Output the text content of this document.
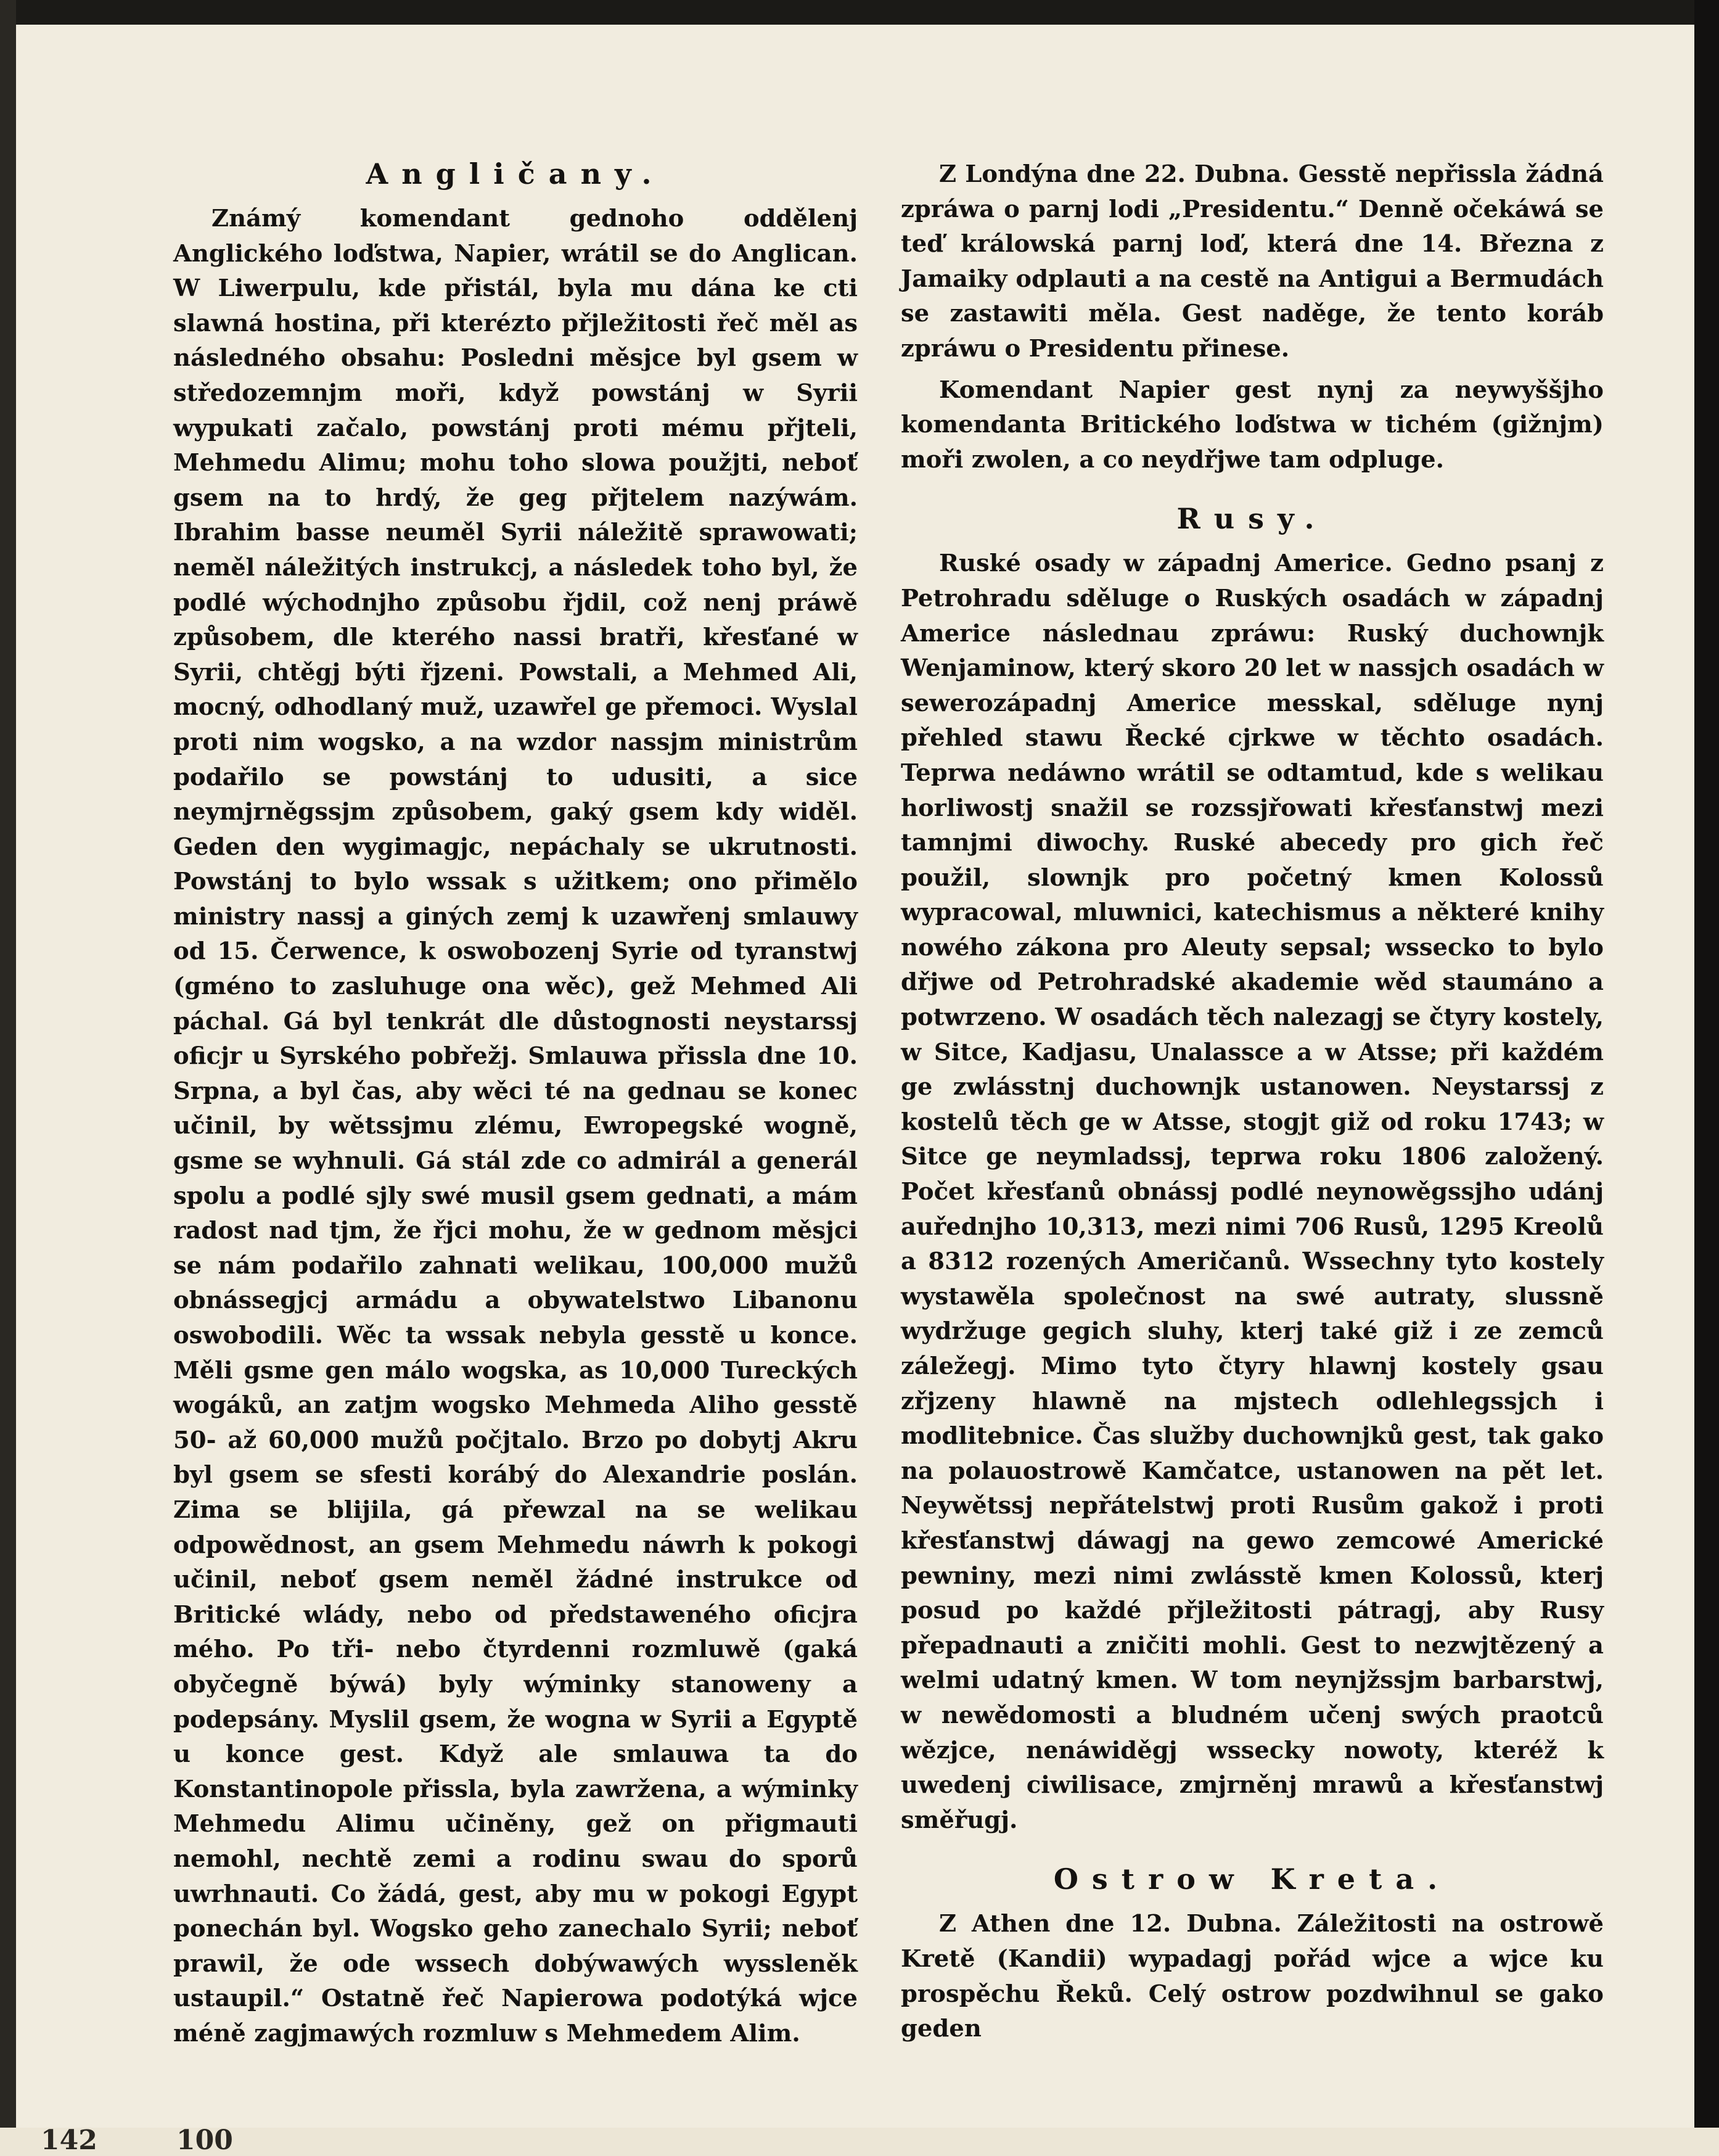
Angličany.

Známý komendant gednoho oddělenj Anglického loďstwa, Napier, wrátil se do Anglican. W Liwerpulu, kde přistál, byla mu dána ke cti slawná hostina, při kterézto přjležitosti řeč měl as následného obsahu: Posledni měsjce byl gsem w středozemnjm moři, když powstánj w Syrii wypukati začalo, powstánj proti mému přjteli, Mehmedu Alimu; mohu toho slowa použjti, neboť gsem na to hrdý, že geg přjtelem nazýwám. Ibrahim basse neuměl Syrii náležitě sprawowati; neměl náležitých instrukcj, a následek toho byl, že podlé wýchodnjho způsobu řjdil, což nenj práwě způsobem, dle kterého nassi bratři, křesťané w Syrii, chtěgj býti řjzeni. Powstali, a Mehmed Ali, mocný, odhodlaný muž, uzawřel ge přemoci. Wyslal proti nim wogsko, a na wzdor nassjm ministrům podařilo se powstánj to udusiti, a sice neymjrněgssjm způsobem, gaký gsem kdy widěl. Geden den wygimagjc, nepáchaly se ukrutnosti. Powstánj to bylo wssak s užitkem; ono přimělo ministry nassj a giných zemj k uzawřenj smlauwy od 15. Čerwence, k oswobozenj Syrie od tyranstwj (gméno to zasluhuge ona wěc), gež Mehmed Ali páchal. Gá byl tenkrát dle důstognosti neystarssj oficjr u Syrského pobřežj. Smlauwa přissla dne 10. Srpna, a byl čas, aby wěci té na gednau se konec učinil, by wětssjmu zlému, Ewropegské wogně, gsme se wyhnuli. Gá stál zde co admirál a generál spolu a podlé sjly swé musil gsem gednati, a mám radost nad tjm, že řjci mohu, že w gednom měsjci se nám podařilo zahnati welikau, 100,000 mužů obnássegjcj armádu a obywatelstwo Libanonu oswobodili. Wěc ta wssak nebyla gesstě u konce. Měli gsme gen málo wogska, as 10,000 Tureckých wogáků, an zatjm wogsko Mehmeda Aliho gesstě 50- až 60,000 mužů počjtalo. Brzo po dobytj Akru byl gsem se sfesti korábý do Alexandrie poslán. Zima se blijila, gá přewzal na se welikau odpowědnost, an gsem Mehmedu náwrh k pokogi učinil, neboť gsem neměl žádné instrukce od Britické wlády, nebo od předstaweného oficjra mého. Po tři- nebo čtyrdenni rozmluwě (gaká obyčegně býwá) byly wýminky stanoweny a podepsány. Myslil gsem, že wogna w Syrii a Egyptě u konce gest. Když ale smlauwa ta do Konstantinopole přissla, byla zawržena, a wýminky Mehmedu Alimu učiněny, gež on přigmauti nemohl, nechtě zemi a rodinu swau do sporů uwrhnauti. Co žádá, gest, aby mu w pokogi Egypt ponechán byl. Wogsko geho zanechalo Syrii; neboť prawil, že ode wssech dobýwawých wyssleněk ustaupil.“ Ostatně řeč Napierowa podotýká wjce méně zagjmawých rozmluw s Mehmedem Alim.

Z Londýna dne 22. Dubna. Gesstě nepřissla žádná zpráwa o parnj lodi „Presidentu.“ Denně očekáwá se teď králowská parnj loď, která dne 14. Března z Jamaiky odplauti a na cestě na Antigui a Bermudách se zastawiti měla. Gest naděge, že tento koráb zpráwu o Presidentu přinese.

Komendant Napier gest nynj za neywyššjho komendanta Britického loďstwa w tichém (gižnjm) moři zwolen, a co neydřjwe tam odpluge.

Rusy.

Ruské osady w západnj Americe. Gedno psanj z Petrohradu sděluge o Ruských osadách w západnj Americe následnau zpráwu: Ruský duchownjk Wenjaminow, který skoro 20 let w nassjch osadách w sewerozápadnj Americe messkal, sděluge nynj přehled stawu Řecké cjrkwe w těchto osadách. Teprwa nedáwno wrátil se odtamtud, kde s welikau horliwostj snažil se rozssjřowati křesťanstwj mezi tamnjmi diwochy. Ruské abecedy pro gich řeč použil, slownjk pro početný kmen Kolossů wypracowal, mluwnici, katechismus a některé knihy nowého zákona pro Aleuty sepsal; wssecko to bylo dřjwe od Petrohradské akademie wěd staumáno a potwrzeno. W osadách těch nalezagj se čtyry kostely, w Sitce, Kadjasu, Unalassce a w Atsse; při každém ge zwlásstnj duchownjk ustanowen. Neystarssj z kostelů těch ge w Atsse, stogjt giž od roku 1743; w Sitce ge neymladssj, teprwa roku 1806 založený. Počet křesťanů obnássj podlé neynowěgssjho udánj auřednjho 10,313, mezi nimi 706 Rusů, 1295 Kreolů a 8312 rozených Američanů. Wssechny tyto kostely wystawěla společnost na swé autraty, slussně wydržuge gegich sluhy, kterj také giž i ze zemců záležegj. Mimo tyto čtyry hlawnj kostely gsau zřjzeny hlawně na mjstech odlehlegssjch i modlitebnice. Čas služby duchownjků gest, tak gako na polauostrowě Kamčatce, ustanowen na pět let. Neywětssj nepřátelstwj proti Rusům gakož i proti křesťanstwj dáwagj na gewo zemcowé Americké pewniny, mezi nimi zwlásstě kmen Kolossů, kterj posud po každé přjležitosti pátragj, aby Rusy přepadnauti a zničiti mohli. Gest to nezwjtězený a welmi udatný kmen. W tom neynjžssjm barbarstwj, w newědomosti a bludném učenj swých praotců wězjce, nenáwiděgj wssecky nowoty, kteréž k uwedenj ciwilisace, zmjrněnj mrawů a křesťanstwj směřugj.

Ostrow Kreta.

Z Athen dne 12. Dubna. Záležitosti na ostrowě Kretě (Kandii) wypadagj pořád wjce a wjce ku prospěchu Řeků. Celý ostrow pozdwihnul se gako geden

142	100
